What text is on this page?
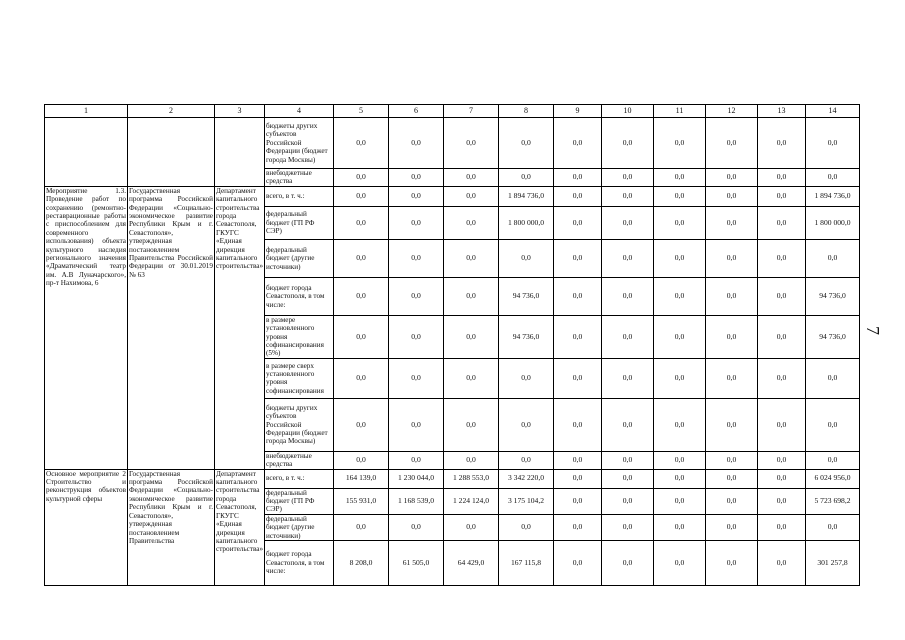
7
1	2	3	4	5	6	7	8	9	10	11	12	13	14
			бюджеты других субъектов Российской Федерации (бюджет города Москвы)	0,0	0,0	0,0	0,0	0,0	0,0	0,0	0,0	0,0	0,0
			внебюджетные средства	0,0	0,0	0,0	0,0	0,0	0,0	0,0	0,0	0,0	0,0
Мероприятие 1.3. Проведение работ по сохранению (ремонтно-реставрационные работы с приспособлением для современного использования) объекта культурного наследия регионального значения «Драматический театр им. А.В Луначарского», пр-т Нахимова, 6	Государственная программа Российской Федерации «Социально-экономическое развитие Республики Крым и г. Севастополя», утвержденная постановлением Правительства Российской Федерации от 30.01.2019 № 63	Департамент капитального строительства города Севастополя, ГКУГС «Единая дирекция капитального строительства»	всего, в т. ч.:	0,0	0,0	0,0	1 894 736,0	0,0	0,0	0,0	0,0	0,0	1 894 736,0
			федеральный бюджет (ГП РФ СЭР)	0,0	0,0	0,0	1 800 000,0	0,0	0,0	0,0	0,0	0,0	1 800 000,0
			федеральный бюджет (другие источники)	0,0	0,0	0,0	0,0	0,0	0,0	0,0	0,0	0,0	0,0
			бюджет города Севастополя, в том числе:	0,0	0,0	0,0	94 736,0	0,0	0,0	0,0	0,0	0,0	94 736,0
			в размере установленного уровня софинансирования (5%)	0,0	0,0	0,0	94 736,0	0,0	0,0	0,0	0,0	0,0	94 736,0
			в размере сверх установленного уровня софинансирования	0,0	0,0	0,0	0,0	0,0	0,0	0,0	0,0	0,0	0,0
			бюджеты других субъектов Российской Федерации (бюджет города Москвы)	0,0	0,0	0,0	0,0	0,0	0,0	0,0	0,0	0,0	0,0
			внебюджетные средства	0,0	0,0	0,0	0,0	0,0	0,0	0,0	0,0	0,0	0,0
Основное мероприятие 2 Строительство и реконструкция объектов культурной сферы	Государственная программа Российской Федерации «Социально-экономическое развитие Республики Крым и г. Севастополя», утвержденная постановлением Правительства	Департамент капитального строительства города Севастополя, ГКУГС «Единая дирекция капитального строительства»	всего, в т. ч.:	164 139,0	1 230 044,0	1 288 553,0	3 342 220,0	0,0	0,0	0,0	0,0	0,0	6 024 956,0
			федеральный бюджет (ГП РФ СЭР)	155 931,0	1 168 539,0	1 224 124,0	3 175 104,2	0,0	0,0	0,0	0,0	0,0	5 723 698,2
			федеральный бюджет (другие источники)	0,0	0,0	0,0	0,0	0,0	0,0	0,0	0,0	0,0	0,0
			бюджет города Севастополя, в том числе:	8 208,0	61 505,0	64 429,0	167 115,8	0,0	0,0	0,0	0,0	0,0	301 257,8
